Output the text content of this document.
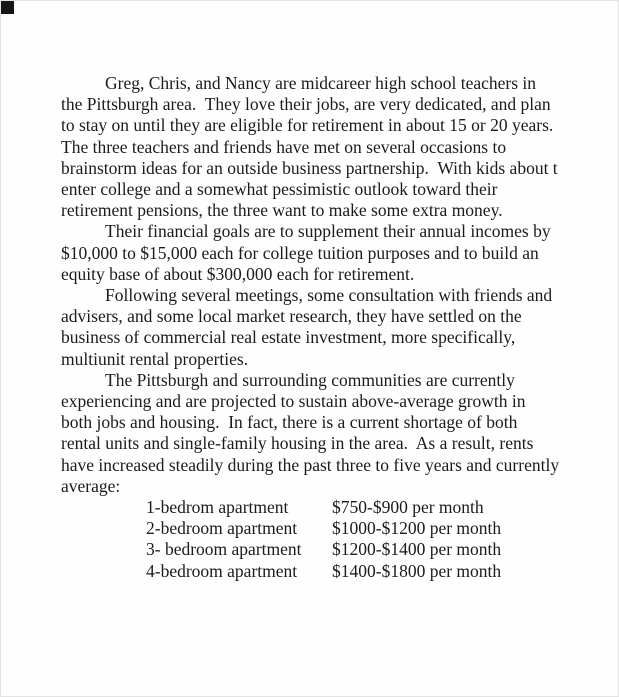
Greg, Chris, and Nancy are midcareer high school teachers in the Pittsburgh area.  They love their jobs, are very dedicated, and plan to stay on until they are eligible for retirement in about 15 or 20 years.  The three teachers and friends have met on several occasions to brainstorm ideas for an outside business partnership.  With kids about t enter college and a somewhat pessimistic outlook toward their retirement pensions, the three want to make some extra money.

Their financial goals are to supplement their annual incomes by $10,000 to $15,000 each for college tuition purposes and to build an equity base of about $300,000 each for retirement.

Following several meetings, some consultation with friends and advisers, and some local market research, they have settled on the business of commercial real estate investment, more specifically, multiunit rental properties.

The Pittsburgh and surrounding communities are currently experiencing and are projected to sustain above-average growth in both jobs and housing.  In fact, there is a current shortage of both rental units and single-family housing in the area.  As a result, rents have increased steadily during the past three to five years and currently average:

1-bedrom apartment	$750-$900 per month
2-bedroom apartment	$1000-$1200 per month
3- bedroom apartment	$1200-$1400 per month
4-bedroom apartment	$1400-$1800 per month
